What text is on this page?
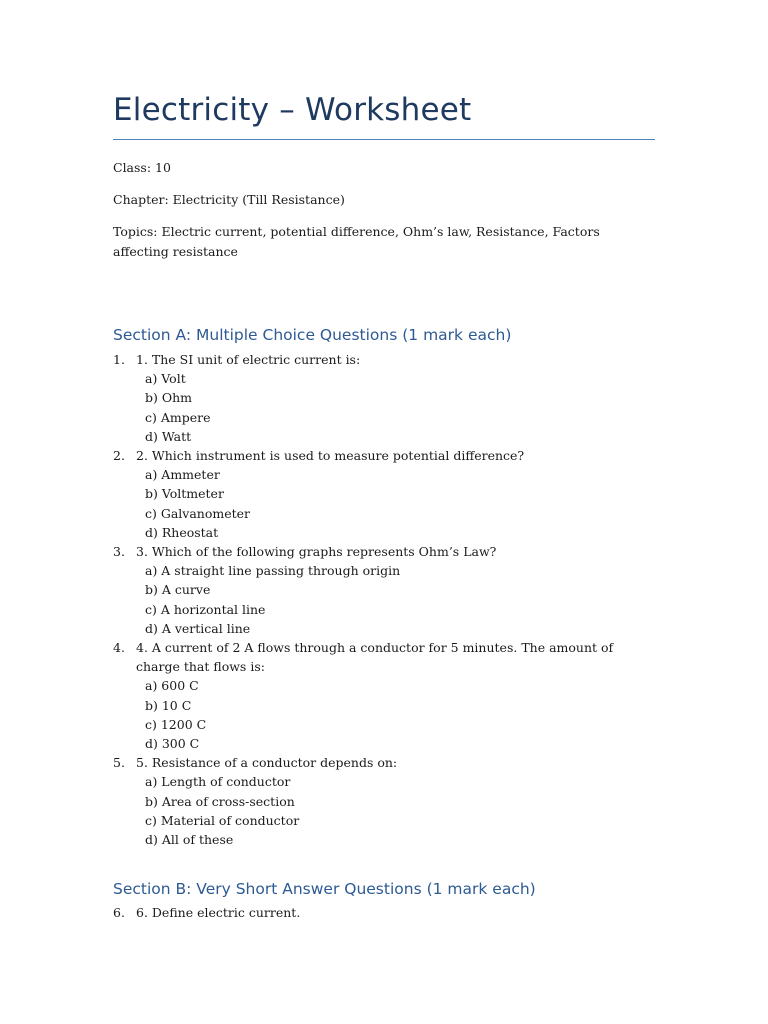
Electricity – Worksheet
Class: 10
Chapter: Electricity (Till Resistance)
Topics: Electric current, potential difference, Ohm’s law, Resistance, Factors affecting resistance
Section A: Multiple Choice Questions (1 mark each)
1. 1. The SI unit of electric current is:
a) Volt
b) Ohm
c) Ampere
d) Watt
2. 2. Which instrument is used to measure potential difference?
a) Ammeter
b) Voltmeter
c) Galvanometer
d) Rheostat
3. 3. Which of the following graphs represents Ohm’s Law?
a) A straight line passing through origin
b) A curve
c) A horizontal line
d) A vertical line
4. 4. A current of 2 A flows through a conductor for 5 minutes. The amount of charge that flows is:
a) 600 C
b) 10 C
c) 1200 C
d) 300 C
5. 5. Resistance of a conductor depends on:
a) Length of conductor
b) Area of cross-section
c) Material of conductor
d) All of these
Section B: Very Short Answer Questions (1 mark each)
6. 6. Define electric current.
